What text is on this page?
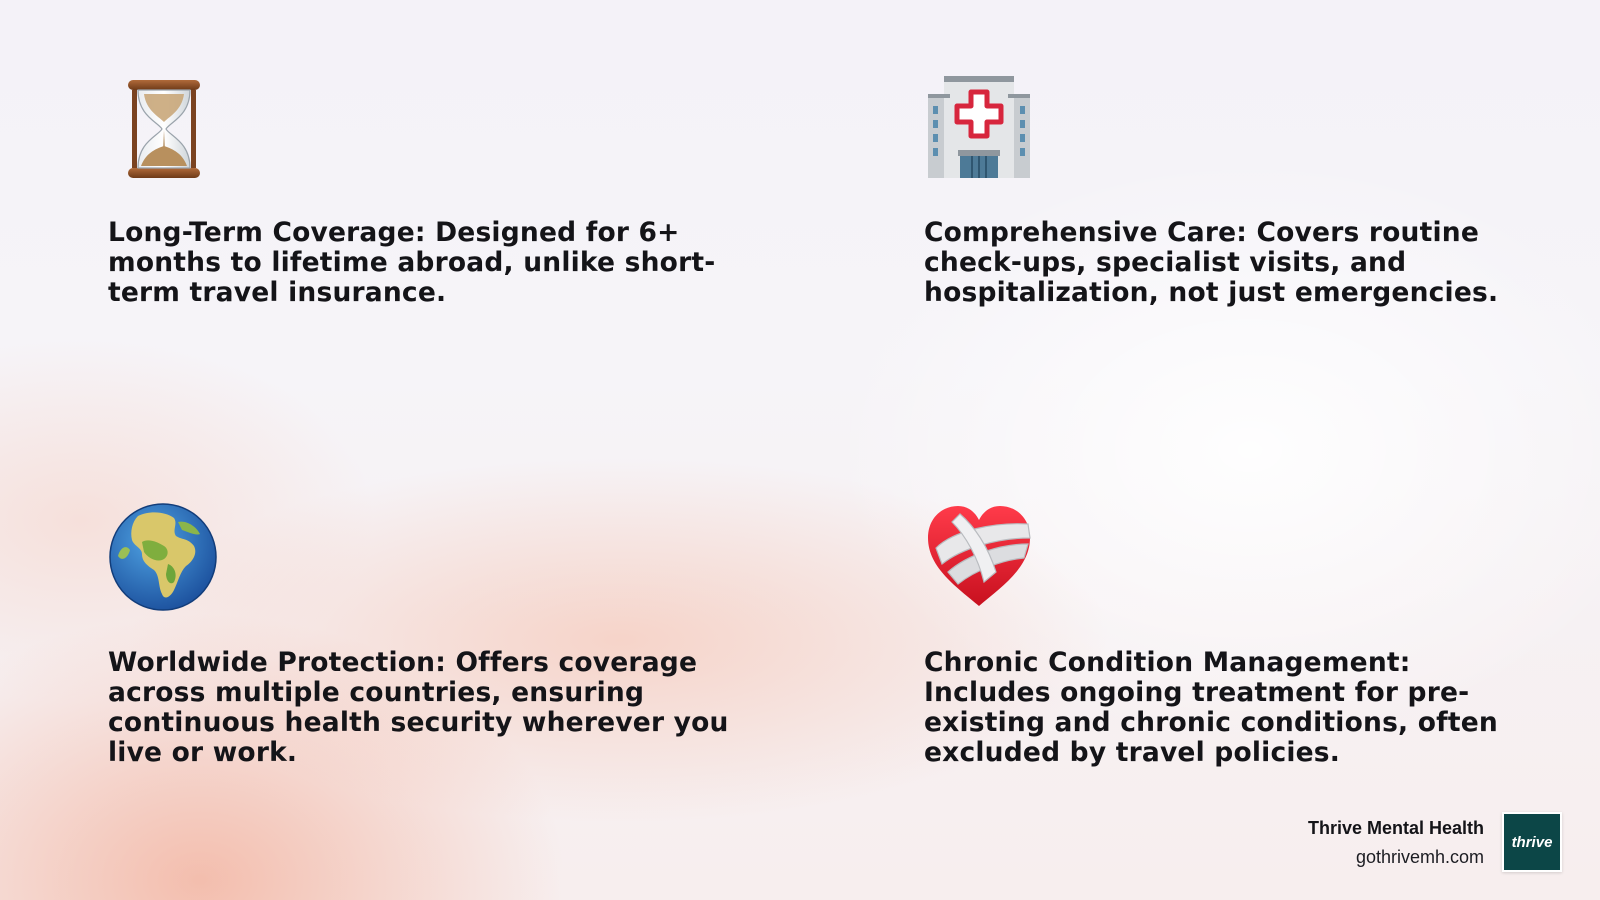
Long-Term Coverage: Designed for 6+ months to lifetime abroad, unlike short-term travel insurance.
Comprehensive Care: Covers routine check-ups, specialist visits, and hospitalization, not just emergencies.
Worldwide Protection: Offers coverage across multiple countries, ensuring continuous health security wherever you live or work.
Chronic Condition Management: Includes ongoing treatment for pre-existing and chronic conditions, often excluded by travel policies.
Thrive Mental Health
gothrivemh.com
thrive
